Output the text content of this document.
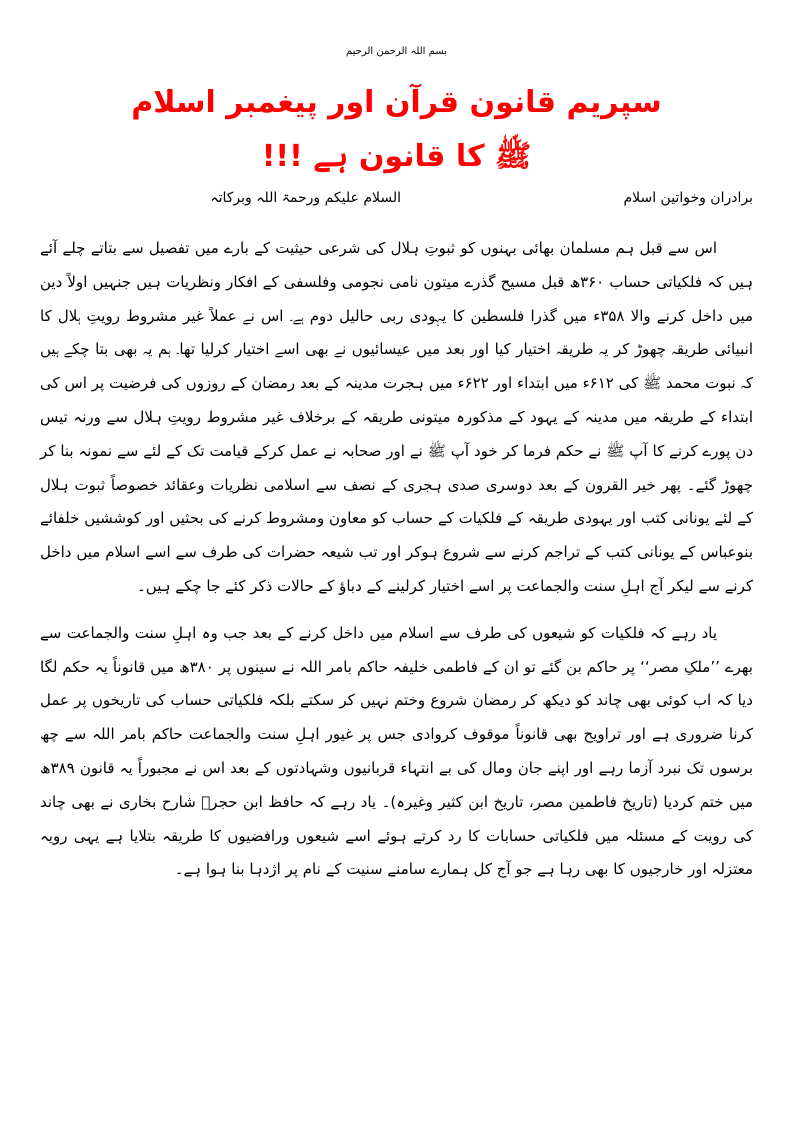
بسم اللہ الرحمن الرحیم
سپریم قانون قرآن اور پیغمبر اسلام
ﷺ کا قانون ہے !!!
برادران وخواتین اسلام
السلام علیکم ورحمۃ اللہ وبرکاتہ

اس سے قبل ہم مسلمان بھائی بہنوں کو ثبوتِ ہلال کی شرعی حیثیت کے بارے میں تفصیل سے بتاتے چلے آئے ہیں کہ فلکیاتی حساب ۳۶۰ھ قبل مسیح گذرے میتون نامی نجومی وفلسفی کے افکار ونظریات ہیں جنہیں اولاً دین میں داخل کرنے والا ۳۵۸ء میں گذرا فلسطین کا یہودی ربی حالیل دوم ہے۔ اس نے عملاً غیر مشروط رویتِ ہلال کا انبیائی طریقہ چھوڑ کر یہ طریقہ اختیار کیا اور بعد میں عیسائیوں نے بھی اسے اختیار کرلیا تھا۔ ہم یہ بھی بتا چکے ہیں کہ نبوت محمد ﷺ کی ۶۱۲ء میں ابتداء اور ۶۲۲ء میں ہجرت مدینہ کے بعد رمضان کے روزوں کی فرضیت پر اس کی ابتداء کے طریقہ میں مدینہ کے یہود کے مذکورہ میتونی طریقہ کے برخلاف غیر مشروط رویتِ ہلال سے ورنہ تیس دن پورے کرنے کا آپ ﷺ نے حکم فرما کر خود آپ ﷺ نے اور صحابہ نے عمل کرکے قیامت تک کے لئے سے نمونہ بنا کر چھوڑ گئے۔ پھر خیر القرون کے بعد دوسری صدی ہجری کے نصف سے اسلامی نظریات وعقائد خصوصاً ثبوت ہلال کے لئے یونانی کتب اور یہودی طریقہ کے فلکیات کے حساب کو معاون ومشروط کرنے کی بحثیں اور کوششیں خلفائے بنوعباس کے یونانی کتب کے تراجم کرنے سے شروع ہوکر اور تب شیعہ حضرات کی طرف سے اسے اسلام میں داخل کرنے سے لیکر آج اہلِ سنت والجماعت پر اسے اختیار کرلینے کے دباؤ کے حالات ذکر کئے جا چکے ہیں۔

یاد رہے کہ فلکیات کو شیعوں کی طرف سے اسلام میں داخل کرنے کے بعد جب وہ اہلِ سنت والجماعت سے بھرے ’’ملکِ مصر‘‘ پر حاکم بن گئے تو ان کے فاطمی خلیفہ حاکم بامر اللہ نے سینوں پر ۳۸۰ھ میں قانوناً یہ حکم لگا دیا کہ اب کوئی بھی چاند کو دیکھ کر رمضان شروع وختم نہیں کر سکتے بلکہ فلکیاتی حساب کی تاریخوں پر عمل کرنا ضروری ہے اور تراویح بھی قانوناً موقوف کروادی جس پر غیور اہلِ سنت والجماعت حاکم بامر اللہ سے چھ برسوں تک نبرد آزما رہے اور اپنے جان ومال کی بے انتہاء قربانیوں وشہادتوں کے بعد اس نے مجبوراً یہ قانون ۳۸۹ھ میں ختم کردیا (تاریخ فاطمین مصر، تاریخ ابن کثیر وغیرہ)۔ یاد رہے کہ حافظ ابن حجرؒ شارح بخاری نے بھی چاند کی رویت کے مسئلہ میں فلکیاتی حسابات کا رد کرتے ہوئے اسے شیعوں ورافضیوں کا طریقہ بتلایا ہے یہی رویہ معتزلہ اور خارجیوں کا بھی رہا ہے جو آج کل ہمارے سامنے سنیت کے نام پر اژدہا بنا ہوا ہے۔
